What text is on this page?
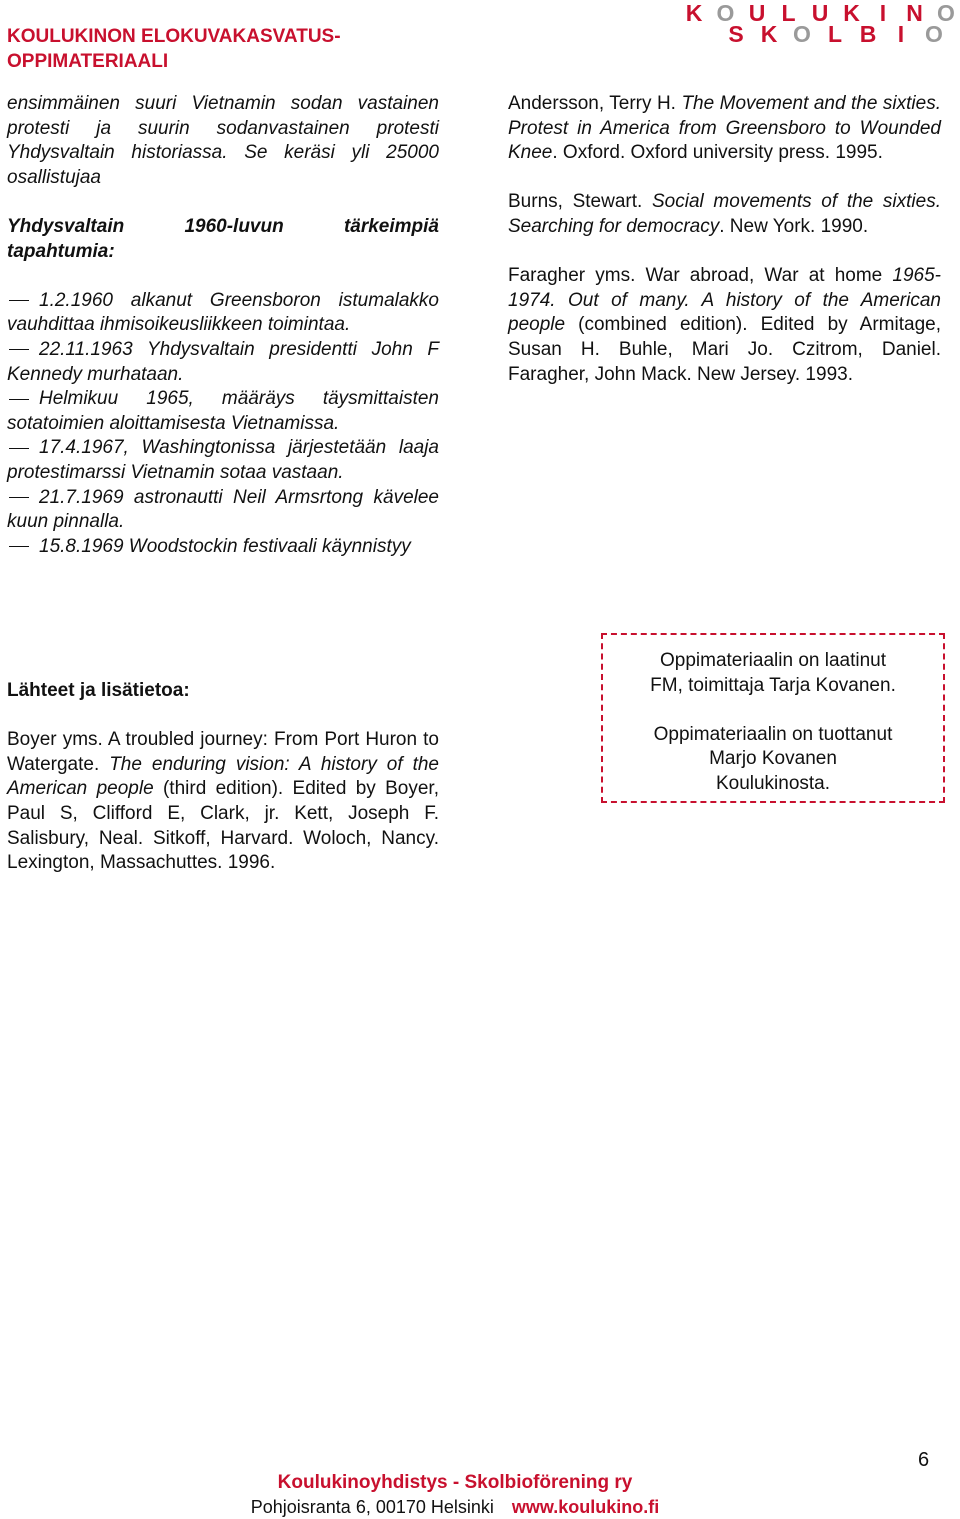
KOULUKINON ELOKUVAKASVATUS-OPPIMATERIAALI
K O U L U K I N O
S K O L B I O

ensimmäinen suuri Vietnamin sodan vastainen protesti ja suurin sodanvastainen protesti Yhdysvaltain historiassa. Se keräsi yli 25000 osallistujaa

Yhdysvaltain 1960-luvun tärkeimpiä tapahtumia:

1.2.1960 alkanut Greensboron istumalakko vauhdittaa ihmisoikeusliikkeen toimintaa.

22.11.1963 Yhdysvaltain presidentti John F Kennedy murhataan.

Helmikuu 1965, määräys täysmittaisten sotatoimien aloittamisesta Vietnamissa.

17.4.1967, Washingtonissa järjestetään laaja protestimarssi Vietnamin sotaa vastaan.

21.7.1969 astronautti Neil Armsrtong kävelee kuun pinnalla.

15.8.1969 Woodstockin festivaali käynnistyy

Andersson, Terry H. The Movement and the sixties. Protest in America from Greensboro to Wounded Knee. Oxford. Oxford university press. 1995.

Burns, Stewart. Social movements of the sixties. Searching for democracy. New York. 1990.

Faragher yms. War abroad, War at home 1965-1974. Out of many. A history of the American people (combined edition). Edited by Armitage, Susan H. Buhle, Mari Jo. Czitrom, Daniel. Faragher, John Mack. New Jersey. 1993.

Lähteet ja lisätietoa:

Boyer yms. A troubled journey: From Port Huron to Watergate. The enduring vision: A history of the American people (third edition). Edited by Boyer, Paul S, Clifford E, Clark, jr. Kett, Joseph F. Salisbury, Neal. Sitkoff, Harvard. Woloch, Nancy. Lexington, Massachuttes. 1996.

Oppimateriaalin on laatinut
FM, toimittaja Tarja Kovanen.
Oppimateriaalin on tuottanut
Marjo Kovanen
Koulukinosta.
6
Koulukinoyhdistys - Skolbioförening ry
Pohjoisranta 6, 00170 Helsinki www.koulukino.fi
